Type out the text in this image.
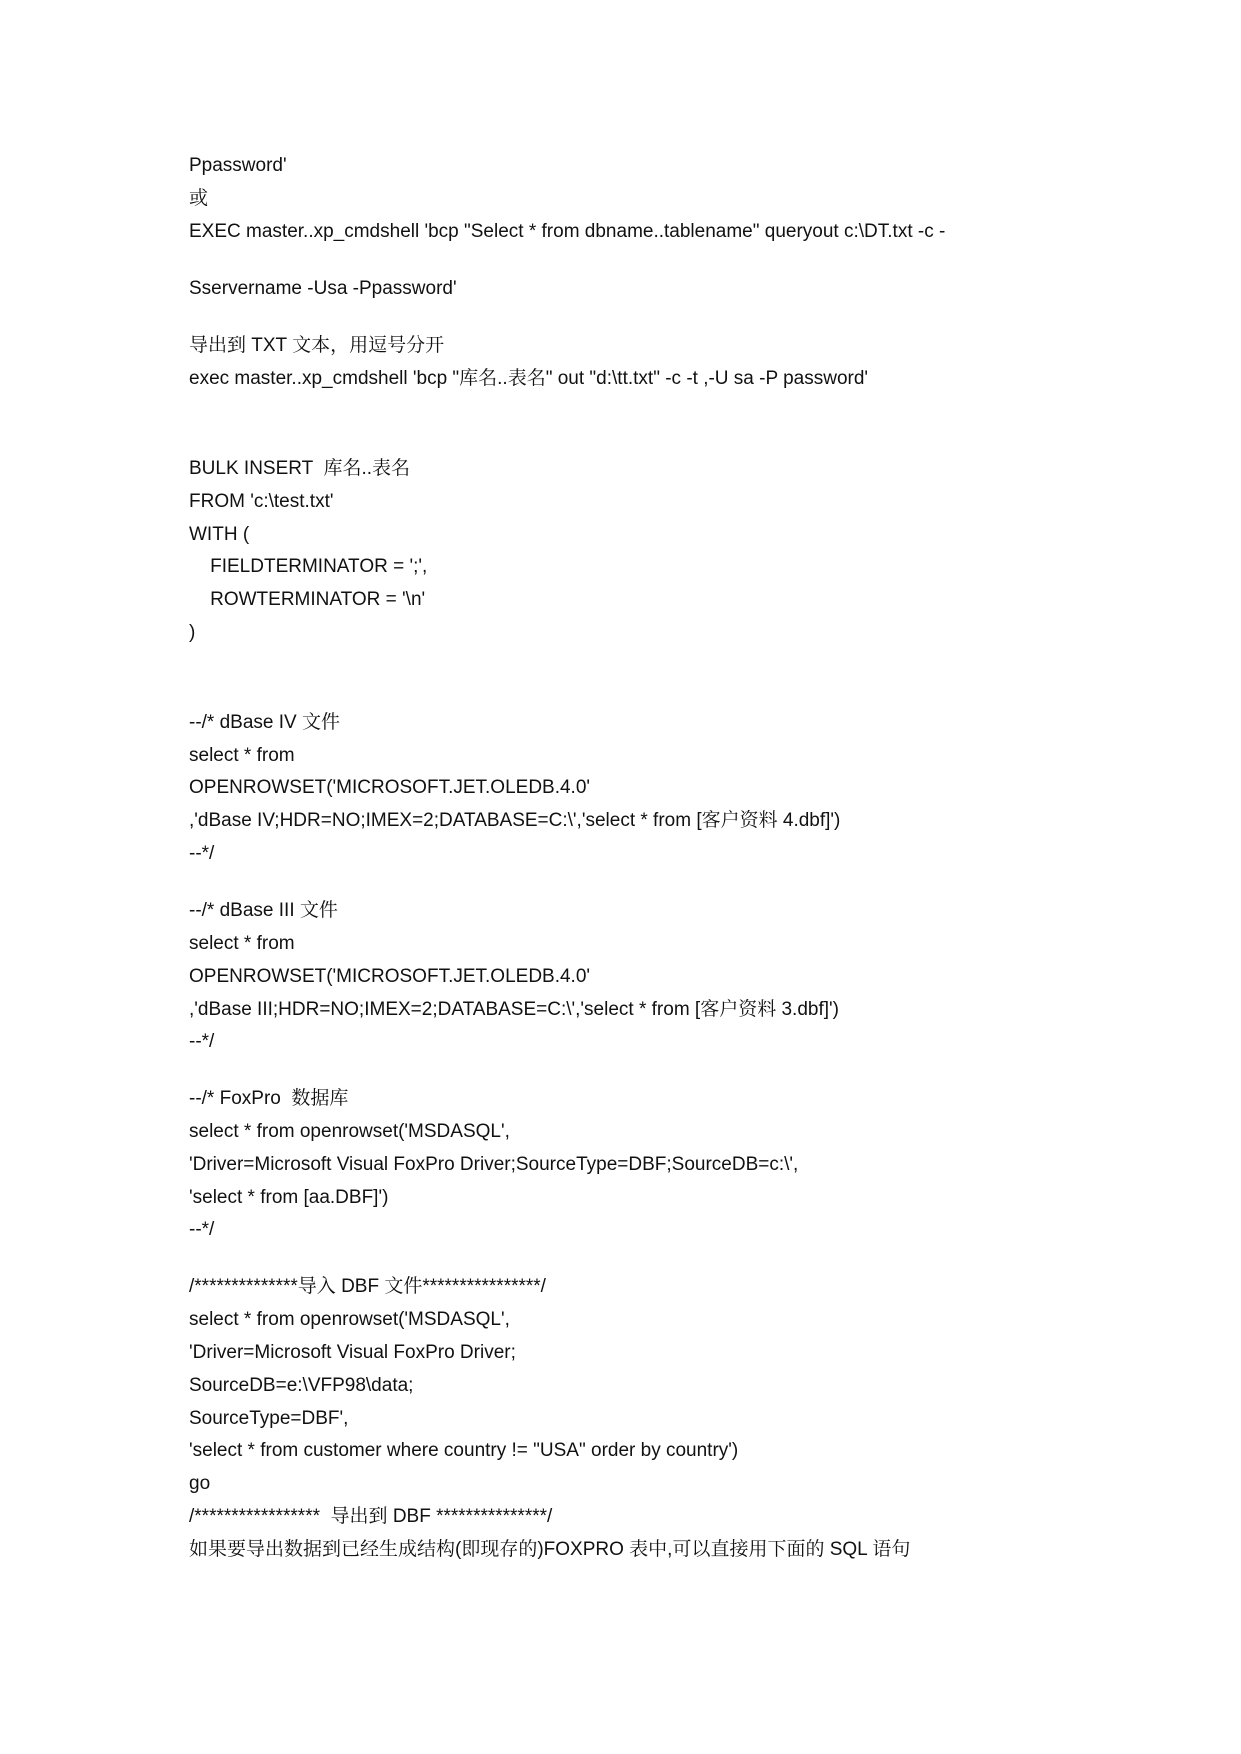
Ppassword'
或
EXEC master..xp_cmdshell 'bcp "Select * from dbname..tablename" queryout c:\DT.txt -c -
Sservername -Usa -Ppassword'
导出到 TXT 文本，用逗号分开
exec master..xp_cmdshell 'bcp "库名..表名" out "d:\tt.txt" -c -t ,-U sa -P password'
BULK INSERT  库名..表名
FROM 'c:\test.txt'
WITH (
FIELDTERMINATOR = ';',
ROWTERMINATOR = '\n'
)
--/* dBase IV 文件
select * from
OPENROWSET('MICROSOFT.JET.OLEDB.4.0'
,'dBase IV;HDR=NO;IMEX=2;DATABASE=C:\','select * from [客户资料 4.dbf]')
--*/
--/* dBase III 文件
select * from
OPENROWSET('MICROSOFT.JET.OLEDB.4.0'
,'dBase III;HDR=NO;IMEX=2;DATABASE=C:\','select * from [客户资料 3.dbf]')
--*/
--/* FoxPro  数据库
select * from openrowset('MSDASQL',
'Driver=Microsoft Visual FoxPro Driver;SourceType=DBF;SourceDB=c:\',
'select * from [aa.DBF]')
--*/
/**************导入 DBF 文件****************/
select * from openrowset('MSDASQL',
'Driver=Microsoft Visual FoxPro Driver;
SourceDB=e:\VFP98\data;
SourceType=DBF',
'select * from customer where country != "USA" order by country')
go
/*****************  导出到 DBF ***************/
如果要导出数据到已经生成结构(即现存的)FOXPRO 表中,可以直接用下面的 SQL 语句
